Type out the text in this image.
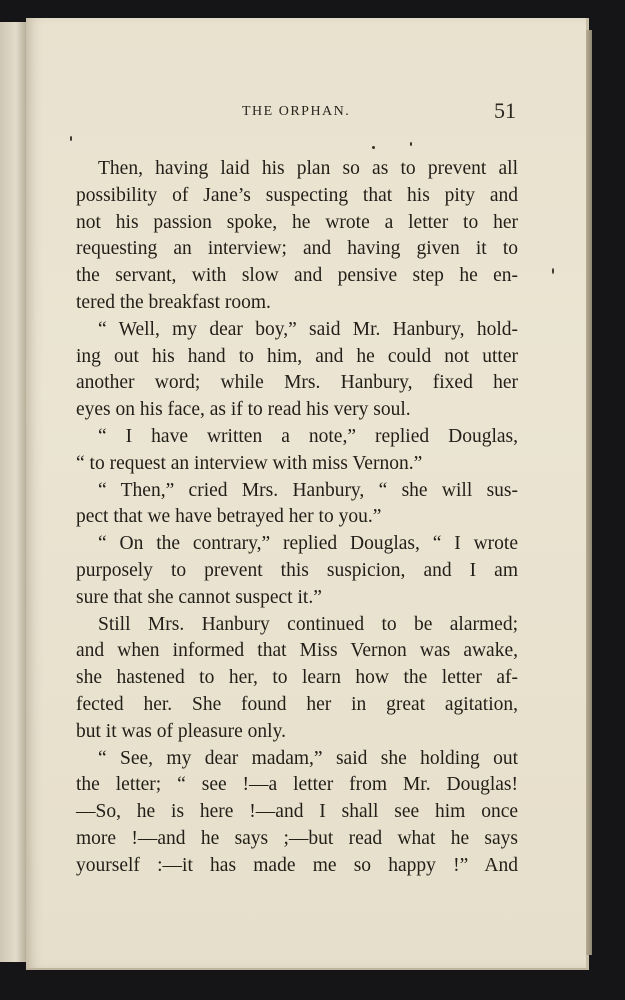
THE ORPHAN.	51
Then, having laid his plan so as to prevent all
possibility of Jane’s suspecting that his pity and
not his passion spoke, he wrote a letter to her
requesting an interview; and having given it to
the servant, with slow and pensive step he en-
tered the breakfast room.
“ Well, my dear boy,” said Mr. Hanbury, hold-
ing out his hand to him, and he could not utter
another word; while Mrs. Hanbury, fixed her
eyes on his face, as if to read his very soul.
“ I have written a note,” replied Douglas,
“ to request an interview with miss Vernon.”
“ Then,” cried Mrs. Hanbury, “ she will sus-
pect that we have betrayed her to you.”
“ On the contrary,” replied Douglas, “ I wrote
purposely to prevent this suspicion, and I am
sure that she cannot suspect it.”
Still Mrs. Hanbury continued to be alarmed;
and when informed that Miss Vernon was awake,
she hastened to her, to learn how the letter af-
fected her. She found her in great agitation,
but it was of pleasure only.
“ See, my dear madam,” said she holding out
the letter; “ see !—a letter from Mr. Douglas!
—So, he is here !—and I shall see him once
more !—and he says ;—but read what he says
yourself :—it has made me so happy !” And
